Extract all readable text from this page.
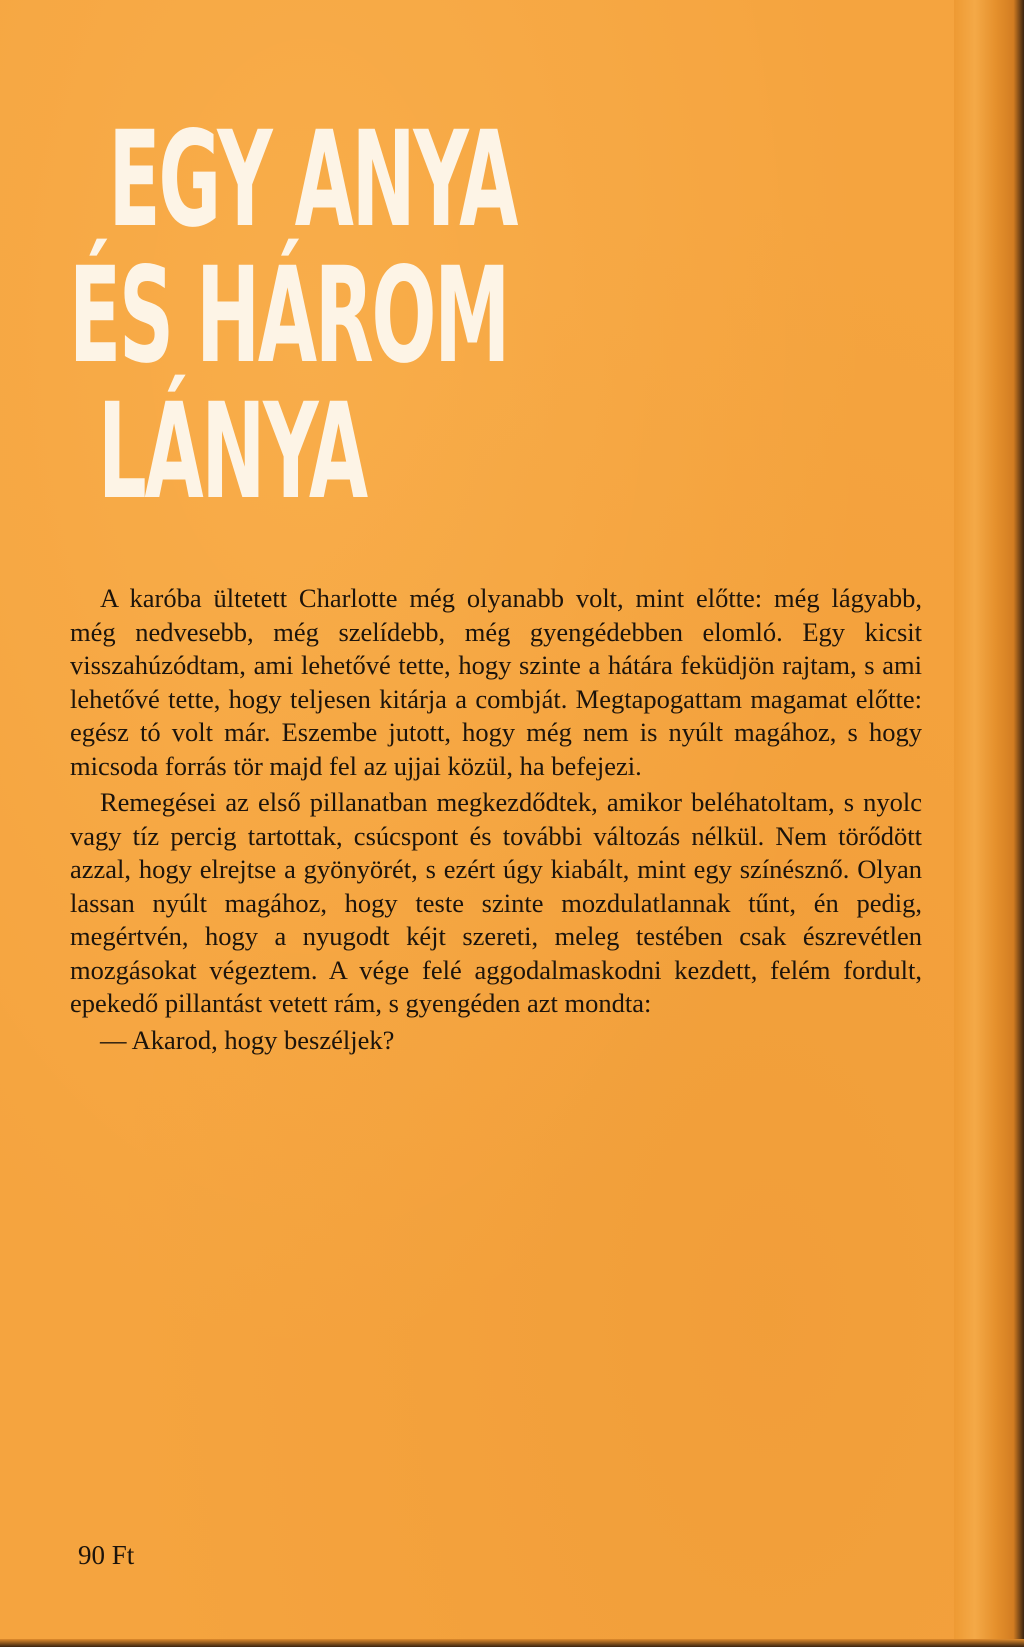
EGY ANYA
ÉS HÁROM
LÁNYA

A karóba ültetett Charlotte még olyanabb volt, mint előtte: még lágyabb, még nedvesebb, még szelídebb, még gyengédebben elomló. Egy kicsit visszahúzódtam, ami lehetővé tette, hogy szinte a hátára feküdjön rajtam, s ami lehetővé tette, hogy teljesen kitárja a combját. Megtapogattam magamat előtte: egész tó volt már. Eszembe jutott, hogy még nem is nyúlt magához, s hogy micsoda forrás tör majd fel az ujjai közül, ha befejezi.

Remegései az első pillanatban megkezdődtek, amikor beléhatoltam, s nyolc vagy tíz percig tartottak, csúcspont és további változás nélkül. Nem törődött azzal, hogy elrejtse a gyönyörét, s ezért úgy kiabált, mint egy színésznő. Olyan lassan nyúlt magához, hogy teste szinte mozdulatlannak tűnt, én pedig, megértvén, hogy a nyugodt kéjt szereti, meleg testében csak észrevétlen mozgásokat végeztem. A vége felé aggodalmaskodni kezdett, felém fordult, epekedő pillantást vetett rám, s gyengéden azt mondta:

— Akarod, hogy beszéljek?

90 Ft
